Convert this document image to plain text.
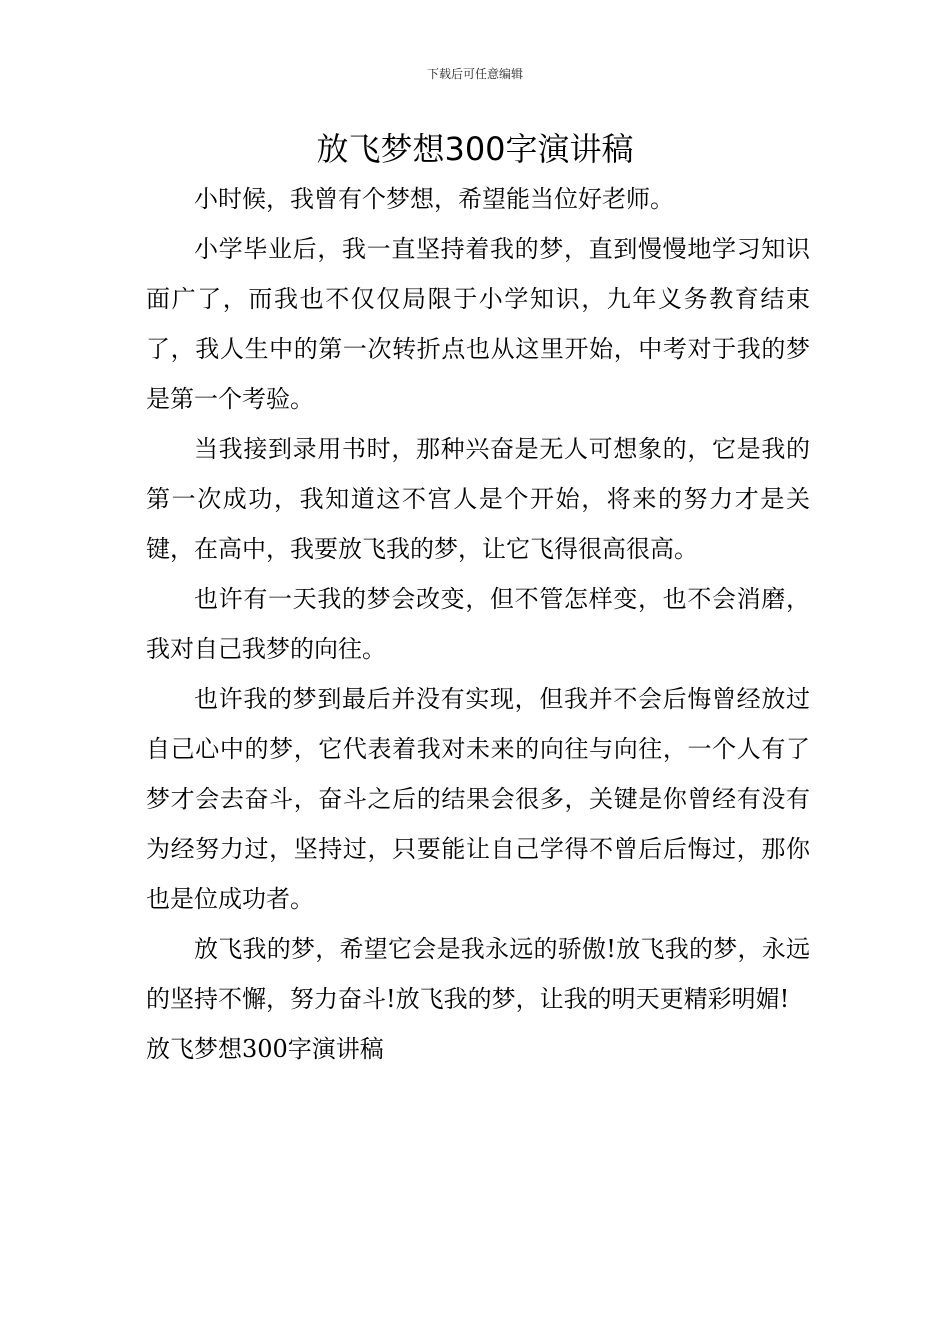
下载后可任意编辑
放飞梦想300字演讲稿

小时候，我曾有个梦想，希望能当位好老师。

小学毕业后，我一直坚持着我的梦，直到慢慢地学习知识面广了，而我也不仅仅局限于小学知识，九年义务教育结束了，我人生中的第一次转折点也从这里开始，中考对于我的梦是第一个考验。

当我接到录用书时，那种兴奋是无人可想象的，它是我的第一次成功，我知道这不宫人是个开始，将来的努力才是关键，在高中，我要放飞我的梦，让它飞得很高很高。

也许有一天我的梦会改变，但不管怎样变，也不会消磨，我对自己我梦的向往。

也许我的梦到最后并没有实现，但我并不会后悔曾经放过自己心中的梦，它代表着我对未来的向往与向往，一个人有了梦才会去奋斗，奋斗之后的结果会很多，关键是你曾经有没有为经努力过，坚持过，只要能让自己学得不曾后后悔过，那你也是位成功者。

放飞我的梦，希望它会是我永远的骄傲!放飞我的梦，永远的坚持不懈，努力奋斗!放飞我的梦，让我的明天更精彩明媚!

放飞梦想300字演讲稿
